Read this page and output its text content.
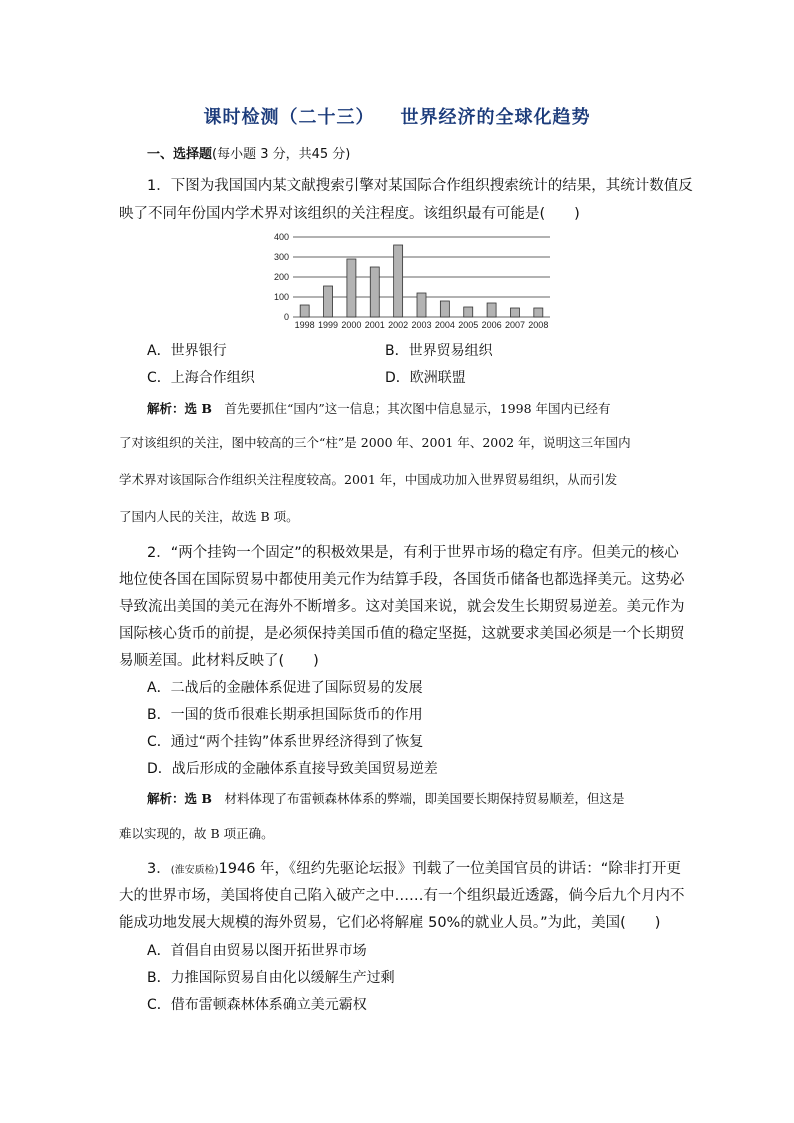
课时检测（二十三） 世界经济的全球化趋势
一、选择题(每小题 3 分，共45 分)
1．下图为我国国内某文献搜索引擎对某国际合作组织搜索统计的结果，其统计数值反
映了不同年份国内学术界对该组织的关注程度。该组织最有可能是(　　)
0
100
200
300
400
1998 1999 2000 2001 2002 2003 2004 2005 2006 2007 2008
A．世界银行	B．世界贸易组织
C．上海合作组织	D．欧洲联盟
解析：选 B　 首先要抓住“国内”这一信息；其次图中信息显示，1998 年国内已经有
了对该组织的关注，图中较高的三个“柱”是 2000 年、2001 年、2002 年，说明这三年国内
学术界对该国际合作组织关注程度较高。2001 年，中国成功加入世界贸易组织，从而引发
了国内人民的关注，故选 B 项。
2．“两个挂钩一个固定”的积极效果是，有利于世界市场的稳定有序。但美元的核心
地位使各国在国际贸易中都使用美元作为结算手段，各国货币储备也都选择美元。这势必
导致流出美国的美元在海外不断增多。这对美国来说，就会发生长期贸易逆差。美元作为
国际核心货币的前提，是必须保持美国币值的稳定坚挺，这就要求美国必须是一个长期贸
易顺差国。此材料反映了(　　)
A．二战后的金融体系促进了国际贸易的发展
B．一国的货币很难长期承担国际货币的作用
C．通过“两个挂钩”体系世界经济得到了恢复
D．战后形成的金融体系直接导致美国贸易逆差
解析：选 B　 材料体现了布雷顿森林体系的弊端，即美国要长期保持贸易顺差，但这是
难以实现的，故 B 项正确。
3．(淮安质检)1946 年，《纽约先驱论坛报》刊载了一位美国官员的讲话：“除非打开更
大的世界市场，美国将使自己陷入破产之中……有一个组织最近透露，倘今后九个月内不
能成功地发展大规模的海外贸易，它们必将解雇 50%的就业人员。”为此，美国(　　)
A．首倡自由贸易以图开拓世界市场
B．力推国际贸易自由化以缓解生产过剩
C．借布雷顿森林体系确立美元霸权
